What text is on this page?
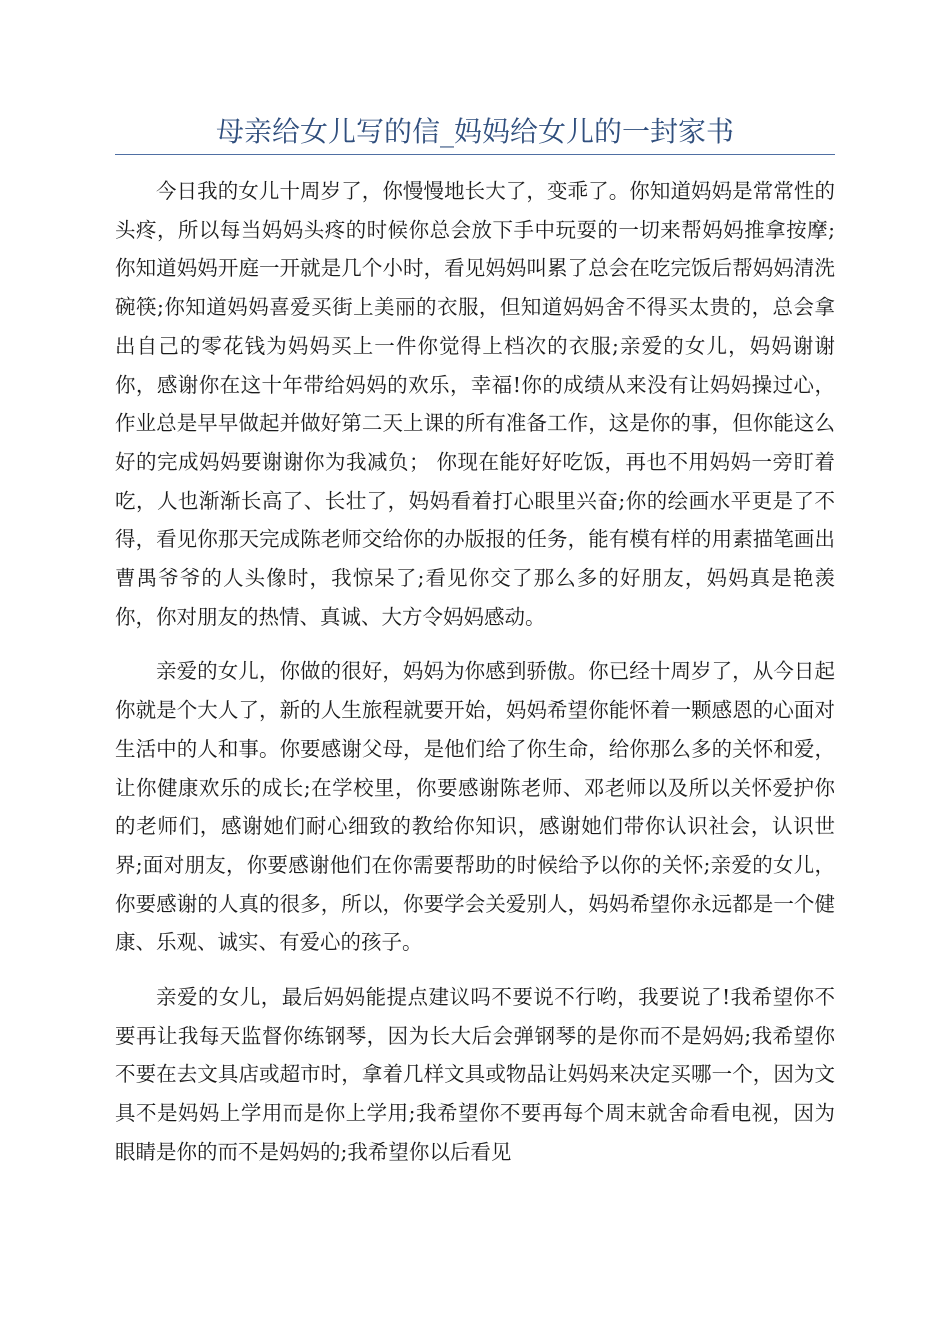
母亲给女儿写的信_妈妈给女儿的一封家书

今日我的女儿十周岁了，你慢慢地长大了，变乖了。你知道妈妈是常常性的头疼，所以每当妈妈头疼的时候你总会放下手中玩耍的一切来帮妈妈推拿按摩;你知道妈妈开庭一开就是几个小时，看见妈妈叫累了总会在吃完饭后帮妈妈清洗碗筷;你知道妈妈喜爱买街上美丽的衣服，但知道妈妈舍不得买太贵的，总会拿出自己的零花钱为妈妈买上一件你觉得上档次的衣服;亲爱的女儿，妈妈谢谢你，感谢你在这十年带给妈妈的欢乐，幸福!你的成绩从来没有让妈妈操过心，作业总是早早做起并做好第二天上课的所有准备工作，这是你的事，但你能这么好的完成妈妈要谢谢你为我减负； 你现在能好好吃饭，再也不用妈妈一旁盯着吃，人也渐渐长高了、长壮了，妈妈看着打心眼里兴奋;你的绘画水平更是了不得，看见你那天完成陈老师交给你的办版报的任务，能有模有样的用素描笔画出曹禺爷爷的人头像时，我惊呆了;看见你交了那么多的好朋友，妈妈真是艳羡你，你对朋友的热情、真诚、大方令妈妈感动。

亲爱的女儿，你做的很好，妈妈为你感到骄傲。你已经十周岁了，从今日起你就是个大人了，新的人生旅程就要开始，妈妈希望你能怀着一颗感恩的心面对生活中的人和事。你要感谢父母，是他们给了你生命，给你那么多的关怀和爱，让你健康欢乐的成长;在学校里，你要感谢陈老师、邓老师以及所以关怀爱护你的老师们，感谢她们耐心细致的教给你知识，感谢她们带你认识社会，认识世界;面对朋友，你要感谢他们在你需要帮助的时候给予以你的关怀;亲爱的女儿，你要感谢的人真的很多，所以，你要学会关爱别人，妈妈希望你永远都是一个健康、乐观、诚实、有爱心的孩子。

亲爱的女儿，最后妈妈能提点建议吗不要说不行哟，我要说了!我希望你不要再让我每天监督你练钢琴，因为长大后会弹钢琴的是你而不是妈妈;我希望你不要在去文具店或超市时，拿着几样文具或物品让妈妈来决定买哪一个，因为文具不是妈妈上学用而是你上学用;我希望你不要再每个周末就舍命看电视，因为眼睛是你的而不是妈妈的;我希望你以后看见
